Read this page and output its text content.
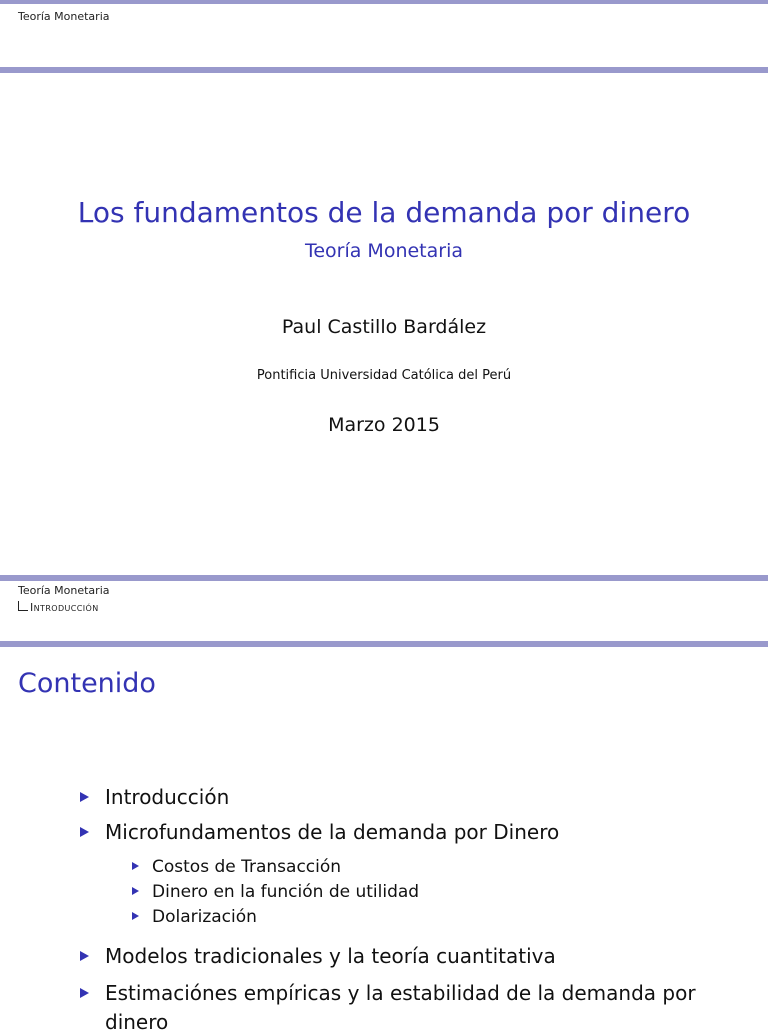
Teoría Monetaria
Los fundamentos de la demanda por dinero
Teoría Monetaria
Paul Castillo Bardález
Pontificia Universidad Católica del Perú
Marzo 2015
Teoría Monetaria
Introducción
Contenido
Introducción
Microfundamentos de la demanda por Dinero
Costos de Transacción
Dinero en la función de utilidad
Dolarización
Modelos tradicionales y la teoría cuantitativa
Estimaciónes empíricas y la estabilidad de la demanda por
dinero
